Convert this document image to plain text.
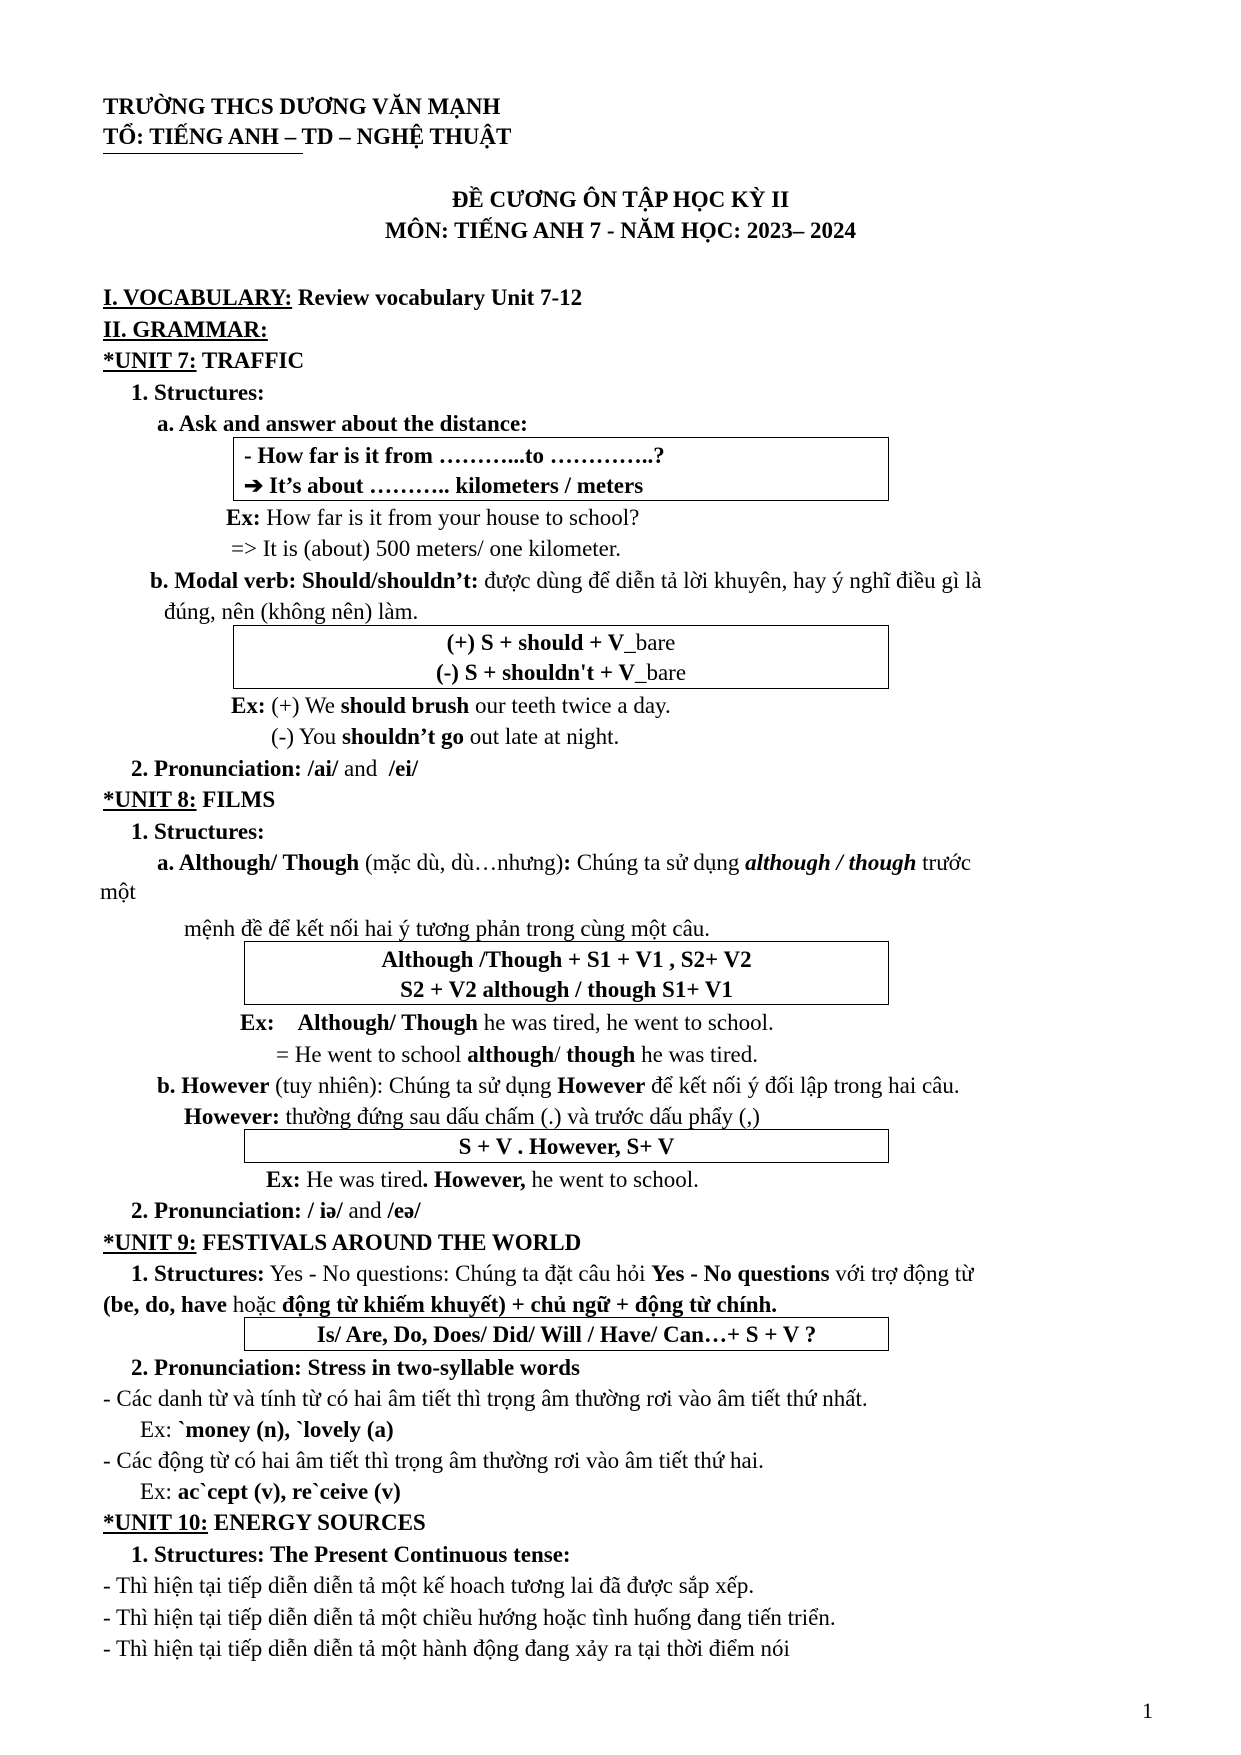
TRƯỜNG THCS DƯƠNG VĂN MẠNH
TỔ: TIẾNG ANH – TD – NGHỆ THUẬT
ĐỀ CƯƠNG ÔN TẬP HỌC KỲ II
MÔN: TIẾNG ANH 7 - NĂM HỌC: 2023– 2024
I. VOCABULARY: Review vocabulary Unit 7-12
II. GRAMMAR:
*UNIT 7: TRAFFIC
1. Structures:
a. Ask and answer about the distance:
- How far is it from ………...to …………..?
➔ It’s about ……….. kilometers / meters
Ex: How far is it from your house to school?
=> It is (about) 500 meters/ one kilometer.
b. Modal verb: Should/shouldn’t: được dùng để diễn tả lời khuyên, hay ý nghĩ điều gì là
đúng, nên (không nên) làm.
(+) S + should + V_bare
(-) S + shouldn't + V_bare
Ex: (+) We should brush our teeth twice a day.
(-) You shouldn’t go out late at night.
2. Pronunciation: /ai/ and  /ei/
*UNIT 8: FILMS
1. Structures:
a. Although/ Though (mặc dù, dù…nhưng): Chúng ta sử dụng although / though trước
một
mệnh đề để kết nối hai ý tương phản trong cùng một câu.
Although /Though + S1 + V1 , S2+ V2
S2 + V2 although / though S1+ V1
Ex: Although/ Though he was tired, he went to school.
= He went to school although/ though he was tired.
b. However (tuy nhiên): Chúng ta sử dụng However để kết nối ý đối lập trong hai câu.
However: thường đứng sau dấu chấm (.) và trước dấu phẩy (,)
S + V . However, S+ V
Ex: He was tired. However, he went to school.
2. Pronunciation: / iə/ and /eə/
*UNIT 9: FESTIVALS AROUND THE WORLD
1. Structures: Yes - No questions: Chúng ta đặt câu hỏi Yes - No questions với trợ động từ
(be, do, have hoặc động từ khiếm khuyết) + chủ ngữ + động từ chính.
Is/ Are, Do, Does/ Did/ Will / Have/ Can…+ S + V ?
2. Pronunciation: Stress in two-syllable words
- Các danh từ và tính từ có hai âm tiết thì trọng âm thường rơi vào âm tiết thứ nhất.
Ex: `money (n), `lovely (a)
- Các động từ có hai âm tiết thì trọng âm thường rơi vào âm tiết thứ hai.
Ex: ac`cept (v), re`ceive (v)
*UNIT 10: ENERGY SOURCES
1. Structures: The Present Continuous tense:
- Thì hiện tại tiếp diễn diễn tả một kế hoach tương lai đã được sắp xếp.
- Thì hiện tại tiếp diễn diễn tả một chiều hướng hoặc tình huống đang tiến triển.
- Thì hiện tại tiếp diễn diễn tả một hành động đang xảy ra tại thời điểm nói
1
